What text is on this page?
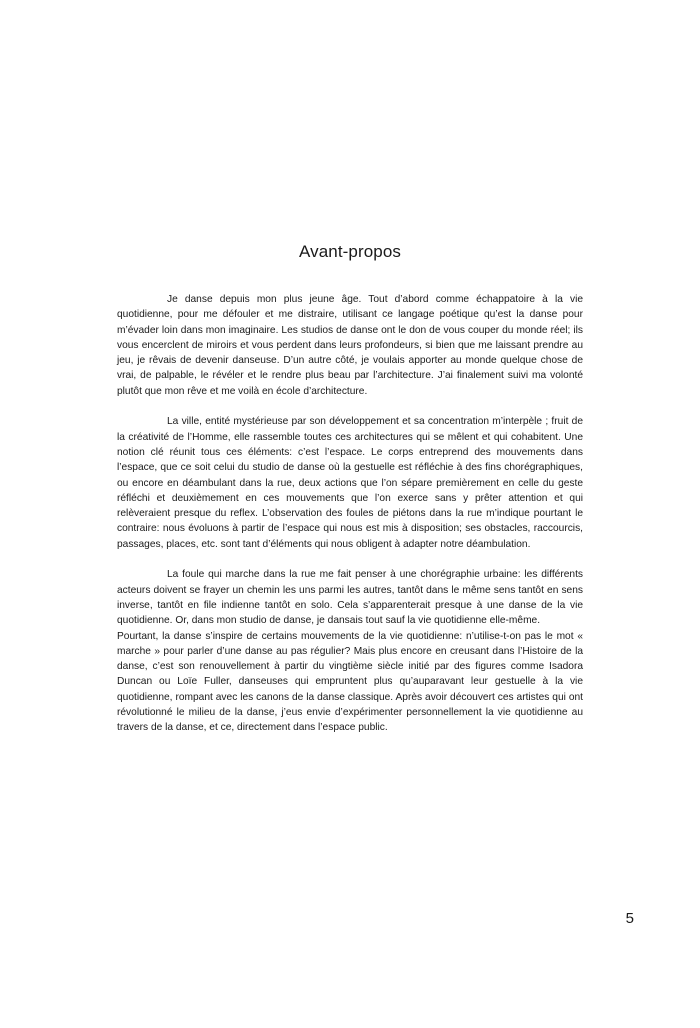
Avant-propos

Je danse depuis mon plus jeune âge. Tout d’abord comme échappatoire à la vie quotidienne, pour me défouler et me distraire, utilisant ce langage poétique qu’est la danse pour m’évader loin dans mon imaginaire. Les studios de danse ont le don de vous couper du monde réel; ils vous encerclent de miroirs et vous perdent dans leurs profondeurs, si bien que me laissant prendre au jeu, je rêvais de devenir danseuse. D’un autre côté, je voulais apporter au monde quelque chose de vrai, de palpable, le révéler et le rendre plus beau par l’architecture. J’ai finalement suivi ma volonté plutôt que mon rêve et me voilà en école d’architecture.

La ville, entité mystérieuse par son développement et sa concentration m’interpèle ; fruit de la créativité de l’Homme, elle rassemble toutes ces architectures qui se mêlent et qui cohabitent. Une notion clé réunit tous ces éléments: c’est l’espace. Le corps entreprend des mouvements dans l’espace, que ce soit celui du studio de danse où la gestuelle est réfléchie à des fins chorégraphiques, ou encore en déambulant dans la rue, deux actions que l’on sépare premièrement en celle du geste réfléchi et deuxièmement en ces mouvements que l’on exerce sans y prêter attention et qui relèveraient presque du reflex. L’observation des foules de piétons dans la rue m’indique pourtant le contraire: nous évoluons à partir de l’espace qui nous est mis à disposition; ses obstacles, raccourcis, passages, places, etc. sont tant d’éléments qui nous obligent à adapter notre déambulation.

La foule qui marche dans la rue me fait penser à une chorégraphie urbaine: les différents acteurs doivent se frayer un chemin les uns parmi les autres, tantôt dans le même sens tantôt en sens inverse, tantôt en file indienne tantôt en solo. Cela s’apparenterait presque à une danse de la vie quotidienne. Or, dans mon studio de danse, je dansais tout sauf la vie quotidienne elle-même.

Pourtant, la danse s’inspire de certains mouvements de la vie quotidienne: n’utilise-t-on pas le mot « marche » pour parler d’une danse au pas régulier? Mais plus encore en creusant dans l’Histoire de la danse, c’est son renouvellement à partir du vingtième siècle initié par des figures comme Isadora Duncan ou Loïe Fuller, danseuses qui empruntent plus qu’auparavant leur gestuelle à la vie quotidienne, rompant avec les canons de la danse classique. Après avoir découvert ces artistes qui ont révolutionné le milieu de la danse, j’eus envie d’expérimenter personnellement la vie quotidienne au travers de la danse, et ce, directement dans l’espace public.

5
